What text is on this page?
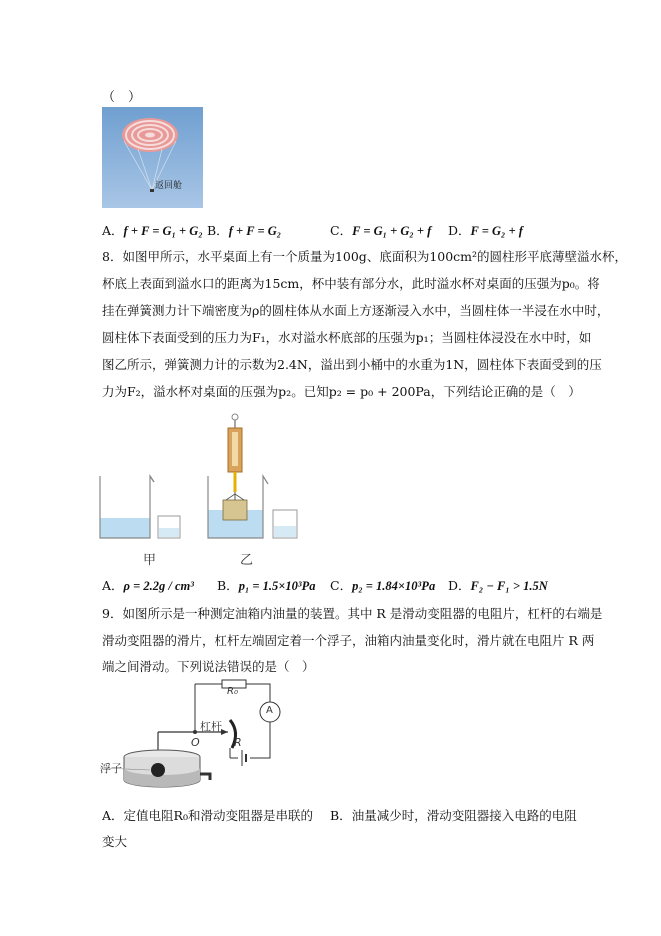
（　）
返回舱
A．f + F = G₁ + G₂ B．f + F = G₂	C．F = G₁ + G₂ + f D．F = G₂ + f
8．如图甲所示，水平桌面上有一个质量为100g、底面积为100cm²的圆柱形平底薄壁溢水杯，
杯底上表面到溢水口的距离为15cm，杯中装有部分水，此时溢水杯对桌面的压强为p₀。将
挂在弹簧测力计下端密度为ρ的圆柱体从水面上方逐渐浸入水中，当圆柱体一半浸在水中时，
圆柱体下表面受到的压力为F₁，水对溢水杯底部的压强为p₁；当圆柱体浸没在水中时，如
图乙所示，弹簧测力计的示数为2.4N，溢出到小桶中的水重为1N，圆柱体下表面受到的压
力为F₂，溢水杯对桌面的压强为p₂。已知p₂ = p₀ + 200Pa，下列结论正确的是（　）
甲	乙
A．ρ = 2.2g / cm³ B．p₁ = 1.5×10³Pa C．p₂ = 1.84×10³Pa D．F₂ − F₁ > 1.5N
9．如图所示是一种测定油箱内油量的装置。其中 R 是滑动变阻器的电阻片，杠杆的右端是
滑动变阻器的滑片，杠杆左端固定着一个浮子，油箱内油量变化时，滑片就在电阻片 R 两
端之间滑动。下列说法错误的是（　）
R₀
A
杠杆
O	R
浮子
A．定值电阻R₀和滑动变阻器是串联的 B．油量减少时，滑动变阻器接入电路的电阻
变大
